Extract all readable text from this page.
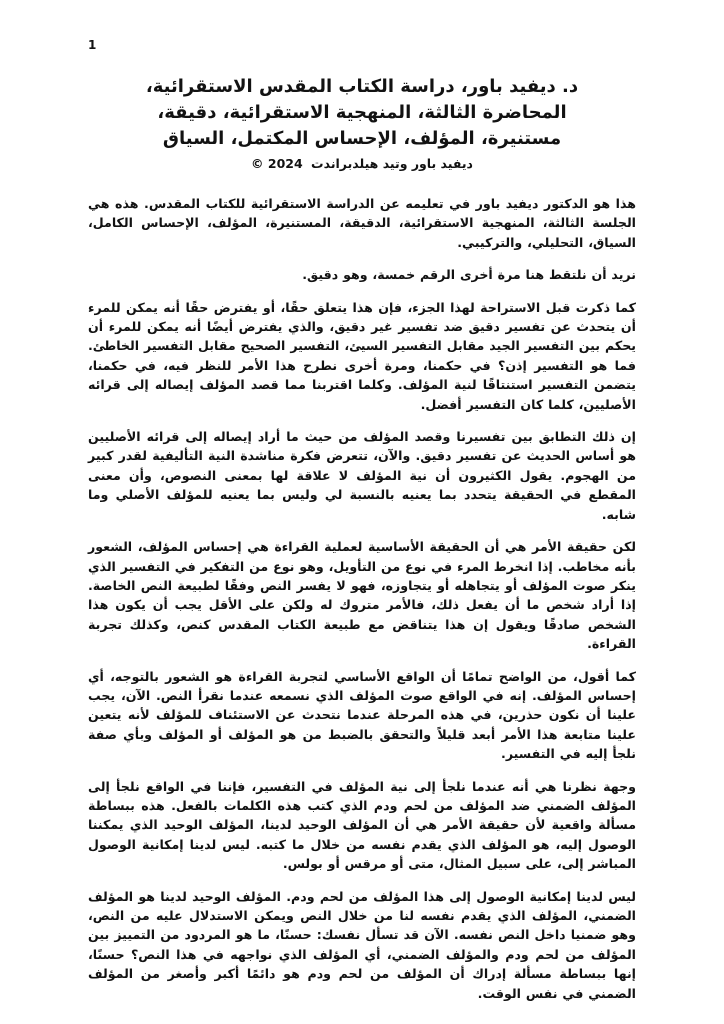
1
د. ديفيد باور، دراسة الكتاب المقدس الاستقرائية،
المحاضرة الثالثة، المنهجية الاستقرائية، دقيقة،
مستنيرة، المؤلف، الإحساس المكتمل، السياق
ديفيد باور وتيد هيلدبراندت © 2024

هذا هو الدكتور ديفيد باور في تعليمه عن الدراسة الاستقرائية للكتاب المقدس. هذه هي الجلسة الثالثة، المنهجية الاستقرائية، الدقيقة، المستنيرة، المؤلف، الإحساس الكامل، السياق، التحليلي، والتركيبي.

نريد أن نلتقط هنا مرة أخرى الرقم خمسة، وهو دقيق.

كما ذكرت قبل الاستراحة لهذا الجزء، فإن هذا يتعلق حقًا، أو يفترض حقًا أنه يمكن للمرء أن يتحدث عن تفسير دقيق ضد تفسير غير دقيق، والذي يفترض أيضًا أنه يمكن للمرء أن يحكم بين التفسير الجيد مقابل التفسير السيئ، التفسير الصحيح مقابل التفسير الخاطئ. فما هو التفسير إذن؟ في حكمنا، ومرة أخرى نطرح هذا الأمر للنظر فيه، في حكمنا، يتضمن التفسير استنتاقًا لنية المؤلف. وكلما اقتربنا مما قصد المؤلف إيصاله إلى قرائه الأصليين، كلما كان التفسير أفضل.

إن ذلك التطابق بين تفسيرنا وقصد المؤلف من حيث ما أراد إيصاله إلى قرائه الأصليين هو أساس الحديث عن تفسير دقيق. والآن، تتعرض فكرة مناشدة النية التأليفية لقدر كبير من الهجوم. يقول الكثيرون أن نية المؤلف لا علاقة لها بمعنى النصوص، وأن معنى المقطع في الحقيقة يتحدد بما يعنيه بالنسبة لي وليس بما يعنيه للمؤلف الأصلي وما شابه.

لكن حقيقة الأمر هي أن الحقيقة الأساسية لعملية القراءة هي إحساس المؤلف، الشعور بأنه مخاطب. إذا انخرط المرء في نوع من التأويل، وهو نوع من التفكير في التفسير الذي ينكر صوت المؤلف أو يتجاهله أو يتجاوزه، فهو لا يفسر النص وفقًا لطبيعة النص الخاصة. إذا أراد شخص ما أن يفعل ذلك، فالأمر متروك له ولكن على الأقل يجب أن يكون هذا الشخص صادقًا ويقول إن هذا يتناقض مع طبيعة الكتاب المقدس كنص، وكذلك تجربة القراءة.

كما أقول، من الواضح تمامًا أن الواقع الأساسي لتجربة القراءة هو الشعور بالتوجه، أي إحساس المؤلف. إنه في الواقع صوت المؤلف الذي نسمعه عندما نقرأ النص. الآن، يجب علينا أن نكون حذرين، في هذه المرحلة عندما نتحدث عن الاستئناف للمؤلف لأنه يتعين علينا متابعة هذا الأمر أبعد قليلاً والتحقق بالضبط من هو المؤلف أو المؤلف وبأي صفة نلجأ إليه في التفسير.

وجهة نظرنا هي أنه عندما نلجأ إلى نية المؤلف في التفسير، فإننا في الواقع نلجأ إلى المؤلف الضمني ضد المؤلف من لحم ودم الذي كتب هذه الكلمات بالفعل. هذه ببساطة مسألة واقعية لأن حقيقة الأمر هي أن المؤلف الوحيد لدينا، المؤلف الوحيد الذي يمكننا الوصول إليه، هو المؤلف الذي يقدم نفسه من خلال ما كتبه. ليس لدينا إمكانية الوصول المباشر إلى، على سبيل المثال، متى أو مرقس أو بولس.

ليس لدينا إمكانية الوصول إلى هذا المؤلف من لحم ودم. المؤلف الوحيد لدينا هو المؤلف الضمني، المؤلف الذي يقدم نفسه لنا من خلال النص ويمكن الاستدلال عليه من النص، وهو ضمنيا داخل النص نفسه. الآن قد تسأل نفسك: حسنًا، ما هو المردود من التمييز بين المؤلف من لحم ودم والمؤلف الضمني، أي المؤلف الذي نواجهه في هذا النص؟ حسنًا، إنها ببساطة مسألة إدراك أن المؤلف من لحم ودم هو دائمًا أكبر وأصغر من المؤلف الضمني في نفس الوقت.
